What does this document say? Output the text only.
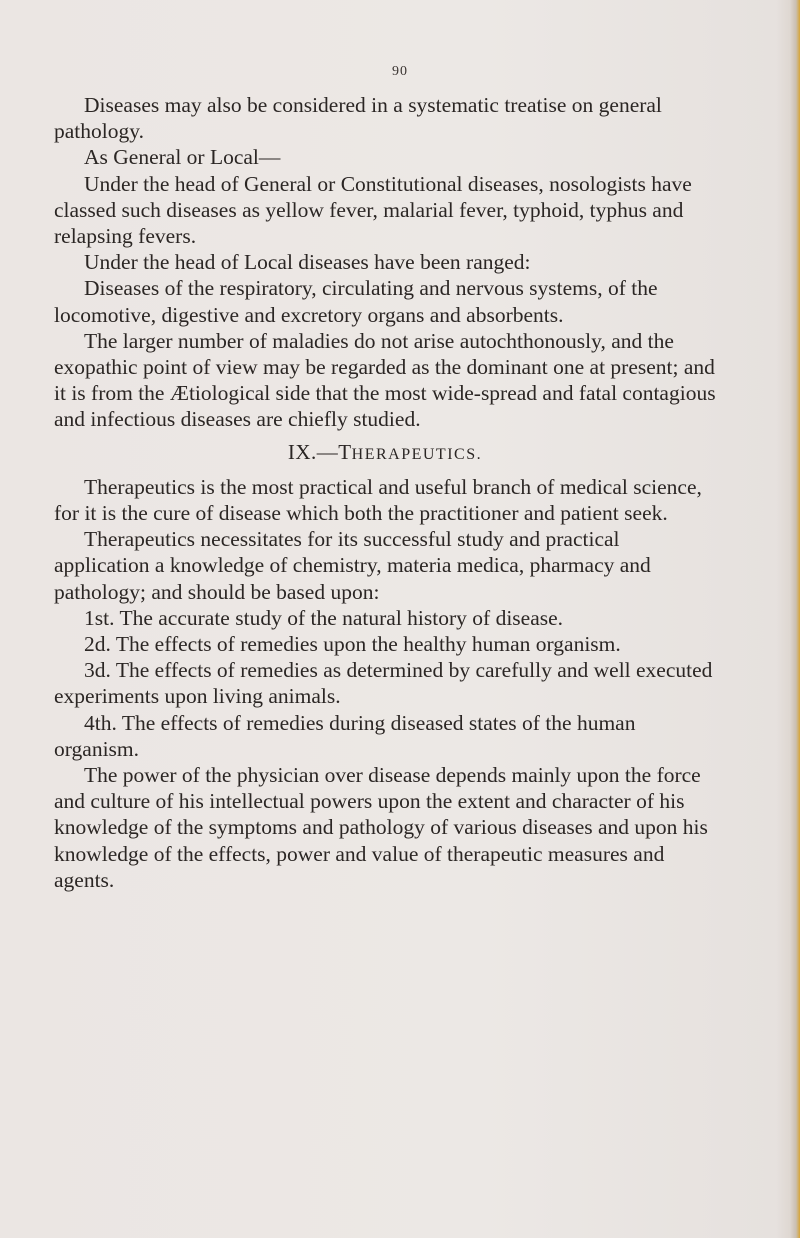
90

Diseases may also be considered in a systematic treatise on general pathology.

As General or Local—

Under the head of General or Constitutional diseases, nosologists have classed such diseases as yellow fever, malarial fever, typhoid, typhus and relapsing fevers.

Under the head of Local diseases have been ranged:

Diseases of the respiratory, circulating and nervous systems, of the locomotive, digestive and excretory organs and absorbents.

The larger number of maladies do not arise autochthonously, and the exopathic point of view may be regarded as the dominant one at present; and it is from the Ætiological side that the most wide-spread and fatal contagious and infectious diseases are chiefly studied.

IX.—THERAPEUTICS.

Therapeutics is the most practical and useful branch of medical science, for it is the cure of disease which both the practitioner and patient seek.

Therapeutics necessitates for its successful study and practical application a knowledge of chemistry, materia medica, pharmacy and pathology; and should be based upon:

1st. The accurate study of the natural history of disease.

2d. The effects of remedies upon the healthy human organism.

3d. The effects of remedies as determined by carefully and well executed experiments upon living animals.

4th. The effects of remedies during diseased states of the human organism.

The power of the physician over disease depends mainly upon the force and culture of his intellectual powers upon the extent and character of his knowledge of the symptoms and pathology of various diseases and upon his knowledge of the effects, power and value of therapeutic measures and agents.
